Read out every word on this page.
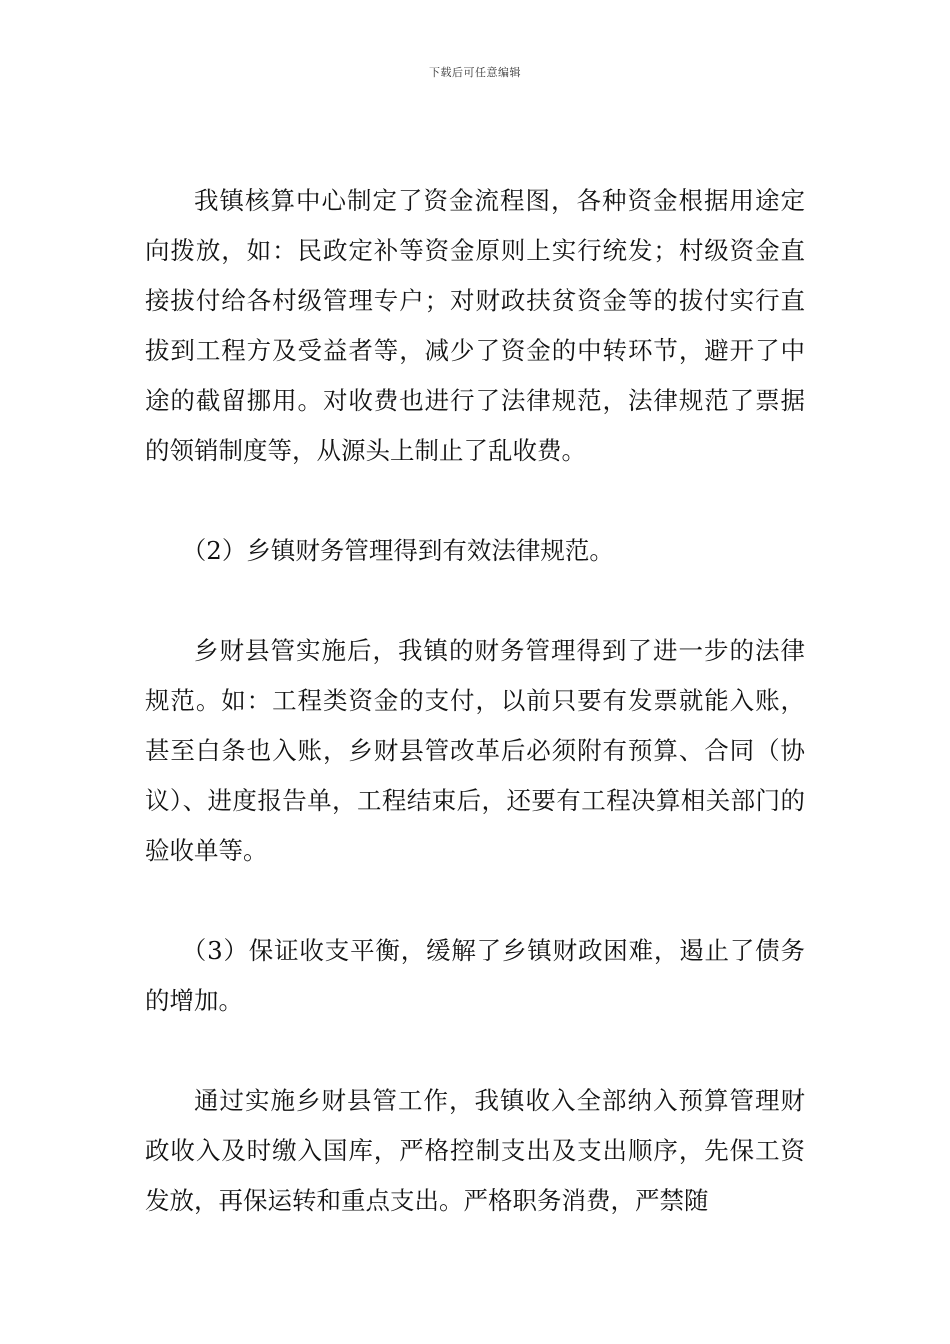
下载后可任意编辑

我镇核算中心制定了资金流程图，各种资金根据用途定向拨放，如：民政定补等资金原则上实行统发；村级资金直接拔付给各村级管理专户；对财政扶贫资金等的拔付实行直拔到工程方及受益者等，减少了资金的中转环节，避开了中途的截留挪用。对收费也进行了法律规范，法律规范了票据的领销制度等，从源头上制止了乱收费。

（2）乡镇财务管理得到有效法律规范。

乡财县管实施后，我镇的财务管理得到了进一步的法律规范。如：工程类资金的支付，以前只要有发票就能入账，甚至白条也入账，乡财县管改革后必须附有预算、合同（协议）、进度报告单，工程结束后，还要有工程决算相关部门的验收单等。

（3）保证收支平衡，缓解了乡镇财政困难，遏止了债务的增加。

通过实施乡财县管工作，我镇收入全部纳入预算管理财政收入及时缴入国库，严格控制支出及支出顺序，先保工资发放，再保运转和重点支出。严格职务消费，严禁随
